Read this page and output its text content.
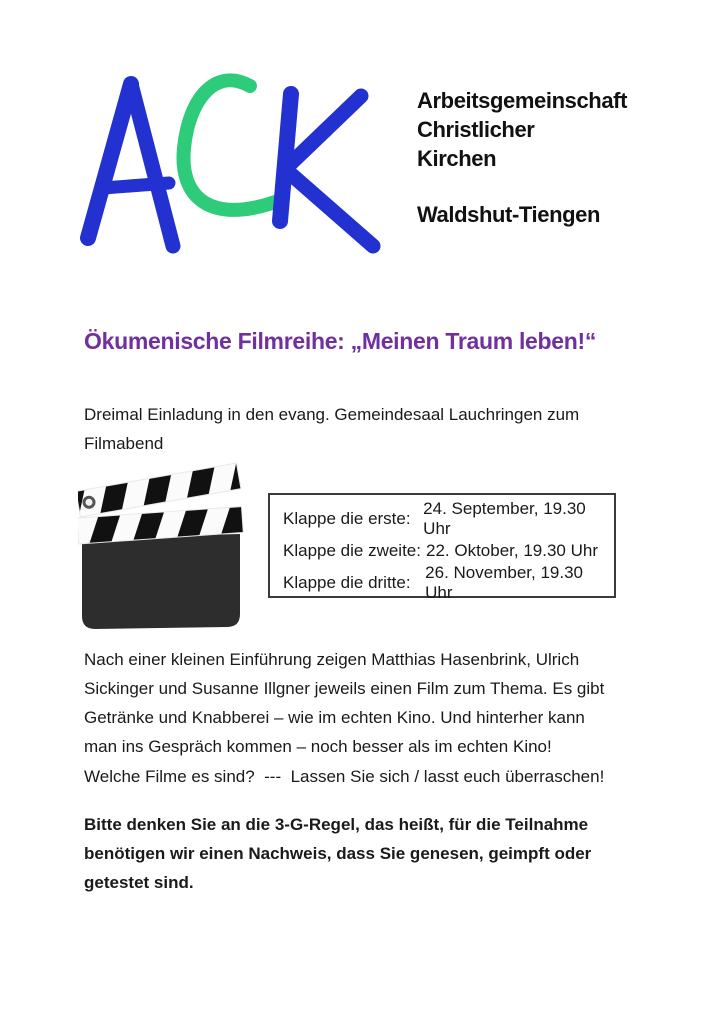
Arbeitsgemeinschaft
Christlicher
Kirchen
Waldshut-Tiengen
Ökumenische Filmreihe: „Meinen Traum leben!“
Dreimal Einladung in den evang. Gemeindesaal Lauchringen zum
Filmabend
Klappe die erste:
24. September, 19.30 Uhr
Klappe die zweite: 22. Oktober, 19.30 Uhr
Klappe die dritte:
26. November, 19.30 Uhr
Nach einer kleinen Einführung zeigen Matthias Hasenbrink, Ulrich
Sickinger und Susanne Illgner jeweils einen Film zum Thema. Es gibt
Getränke und Knabberei – wie im echten Kino. Und hinterher kann
man ins Gespräch kommen – noch besser als im echten Kino!
Welche Filme es sind?  ---  Lassen Sie sich / lasst euch überraschen!
Bitte denken Sie an die 3-G-Regel, das heißt, für die Teilnahme
benötigen wir einen Nachweis, dass Sie genesen, geimpft oder
getestet sind.
